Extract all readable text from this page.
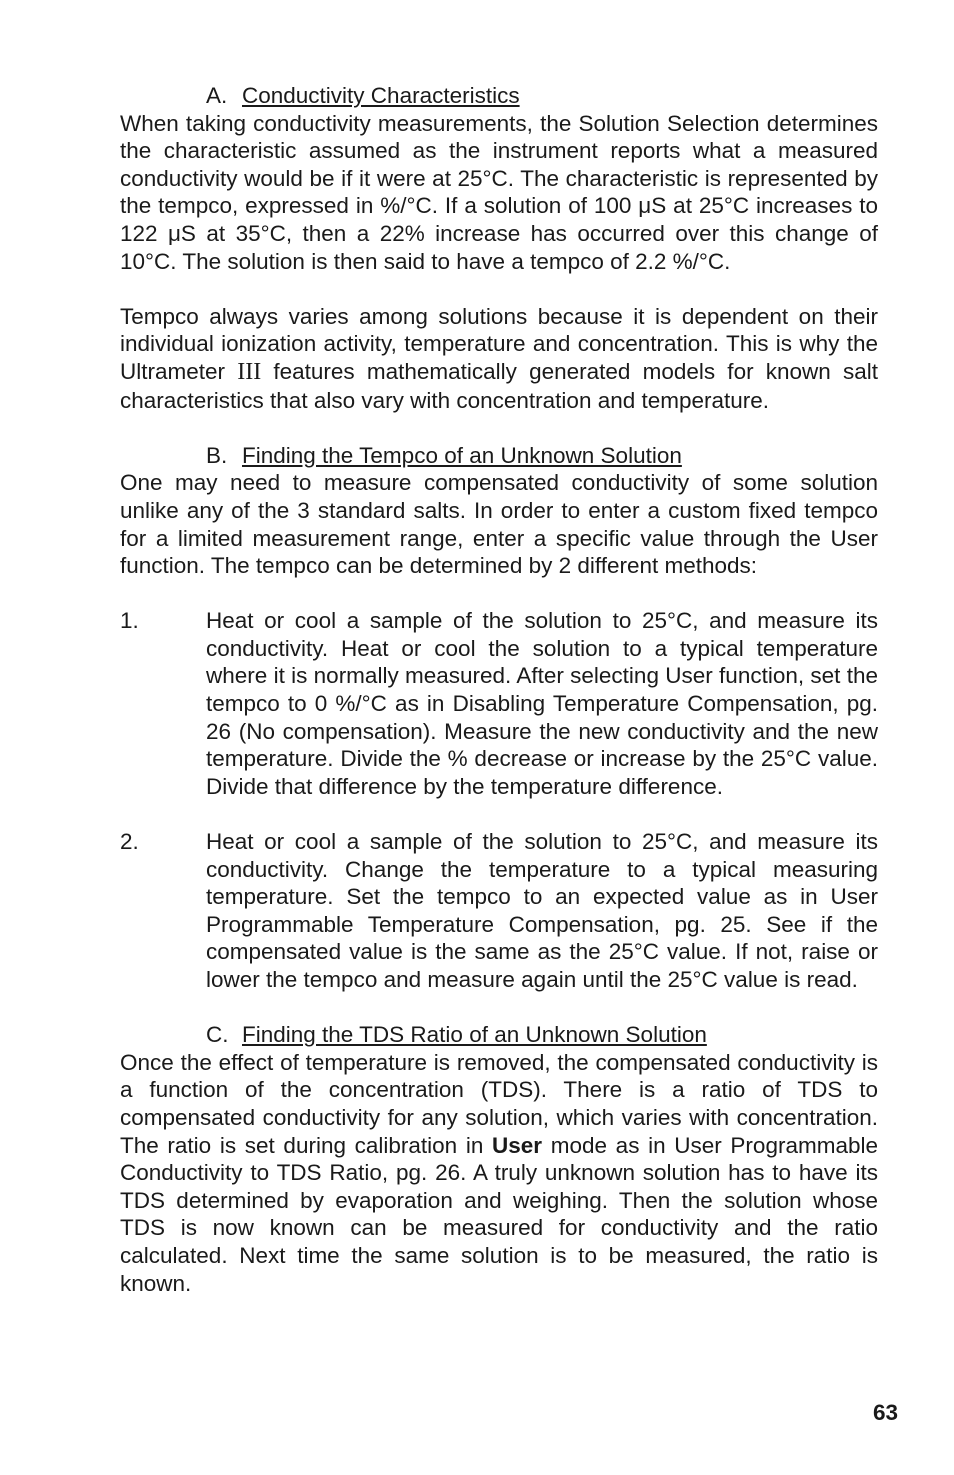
A. Conductivity Characteristics

When taking conductivity measurements, the Solution Selection determines the characteristic assumed as the instrument reports what a measured conductivity would be if it were at 25°C. The characteristic is represented by the tempco, expressed in %/°C. If a solution of 100 μS at 25°C increases to 122 μS at 35°C, then a 22% increase has occurred over this change of 10°C. The solution is then said to have a tempco of 2.2 %/°C.

Tempco always varies among solutions because it is dependent on their individual ionization activity, temperature and concentration. This is why the Ultrameter III features mathematically generated models for known salt characteristics that also vary with concentration and temperature.

B. Finding the Tempco of an Unknown Solution

One may need to measure compensated conductivity of some solution unlike any of the 3 standard salts. In order to enter a custom fixed tempco for a limited measurement range, enter a specific value through the User function. The tempco can be determined by 2 different methods:

1.	Heat or cool a sample of the solution to 25°C, and measure its conductivity. Heat or cool the solution to a typical temperature where it is normally measured. After selecting User function, set the tempco to 0 %/°C as in Disabling Temperature Compensation, pg. 26 (No compensation). Measure the new conductivity and the new temperature. Divide the % decrease or increase by the 25°C value. Divide that difference by the temperature difference.
2.	Heat or cool a sample of the solution to 25°C, and measure its conductivity. Change the temperature to a typical measuring temperature. Set the tempco to an expected value as in User Programmable Temperature Compensation, pg. 25. See if the compensated value is the same as the 25°C value. If not, raise or lower the tempco and measure again until the 25°C value is read.

C. Finding the TDS Ratio of an Unknown Solution

Once the effect of temperature is removed, the compensated conductivity is a function of the concentration (TDS). There is a ratio of TDS to compensated conductivity for any solution, which varies with concentration. The ratio is set during calibration in User mode as in User Programmable Conductivity to TDS Ratio, pg. 26. A truly unknown solution has to have its TDS determined by evaporation and weighing. Then the solution whose TDS is now known can be measured for conductivity and the ratio calculated. Next time the same solution is to be measured, the ratio is known.

63
